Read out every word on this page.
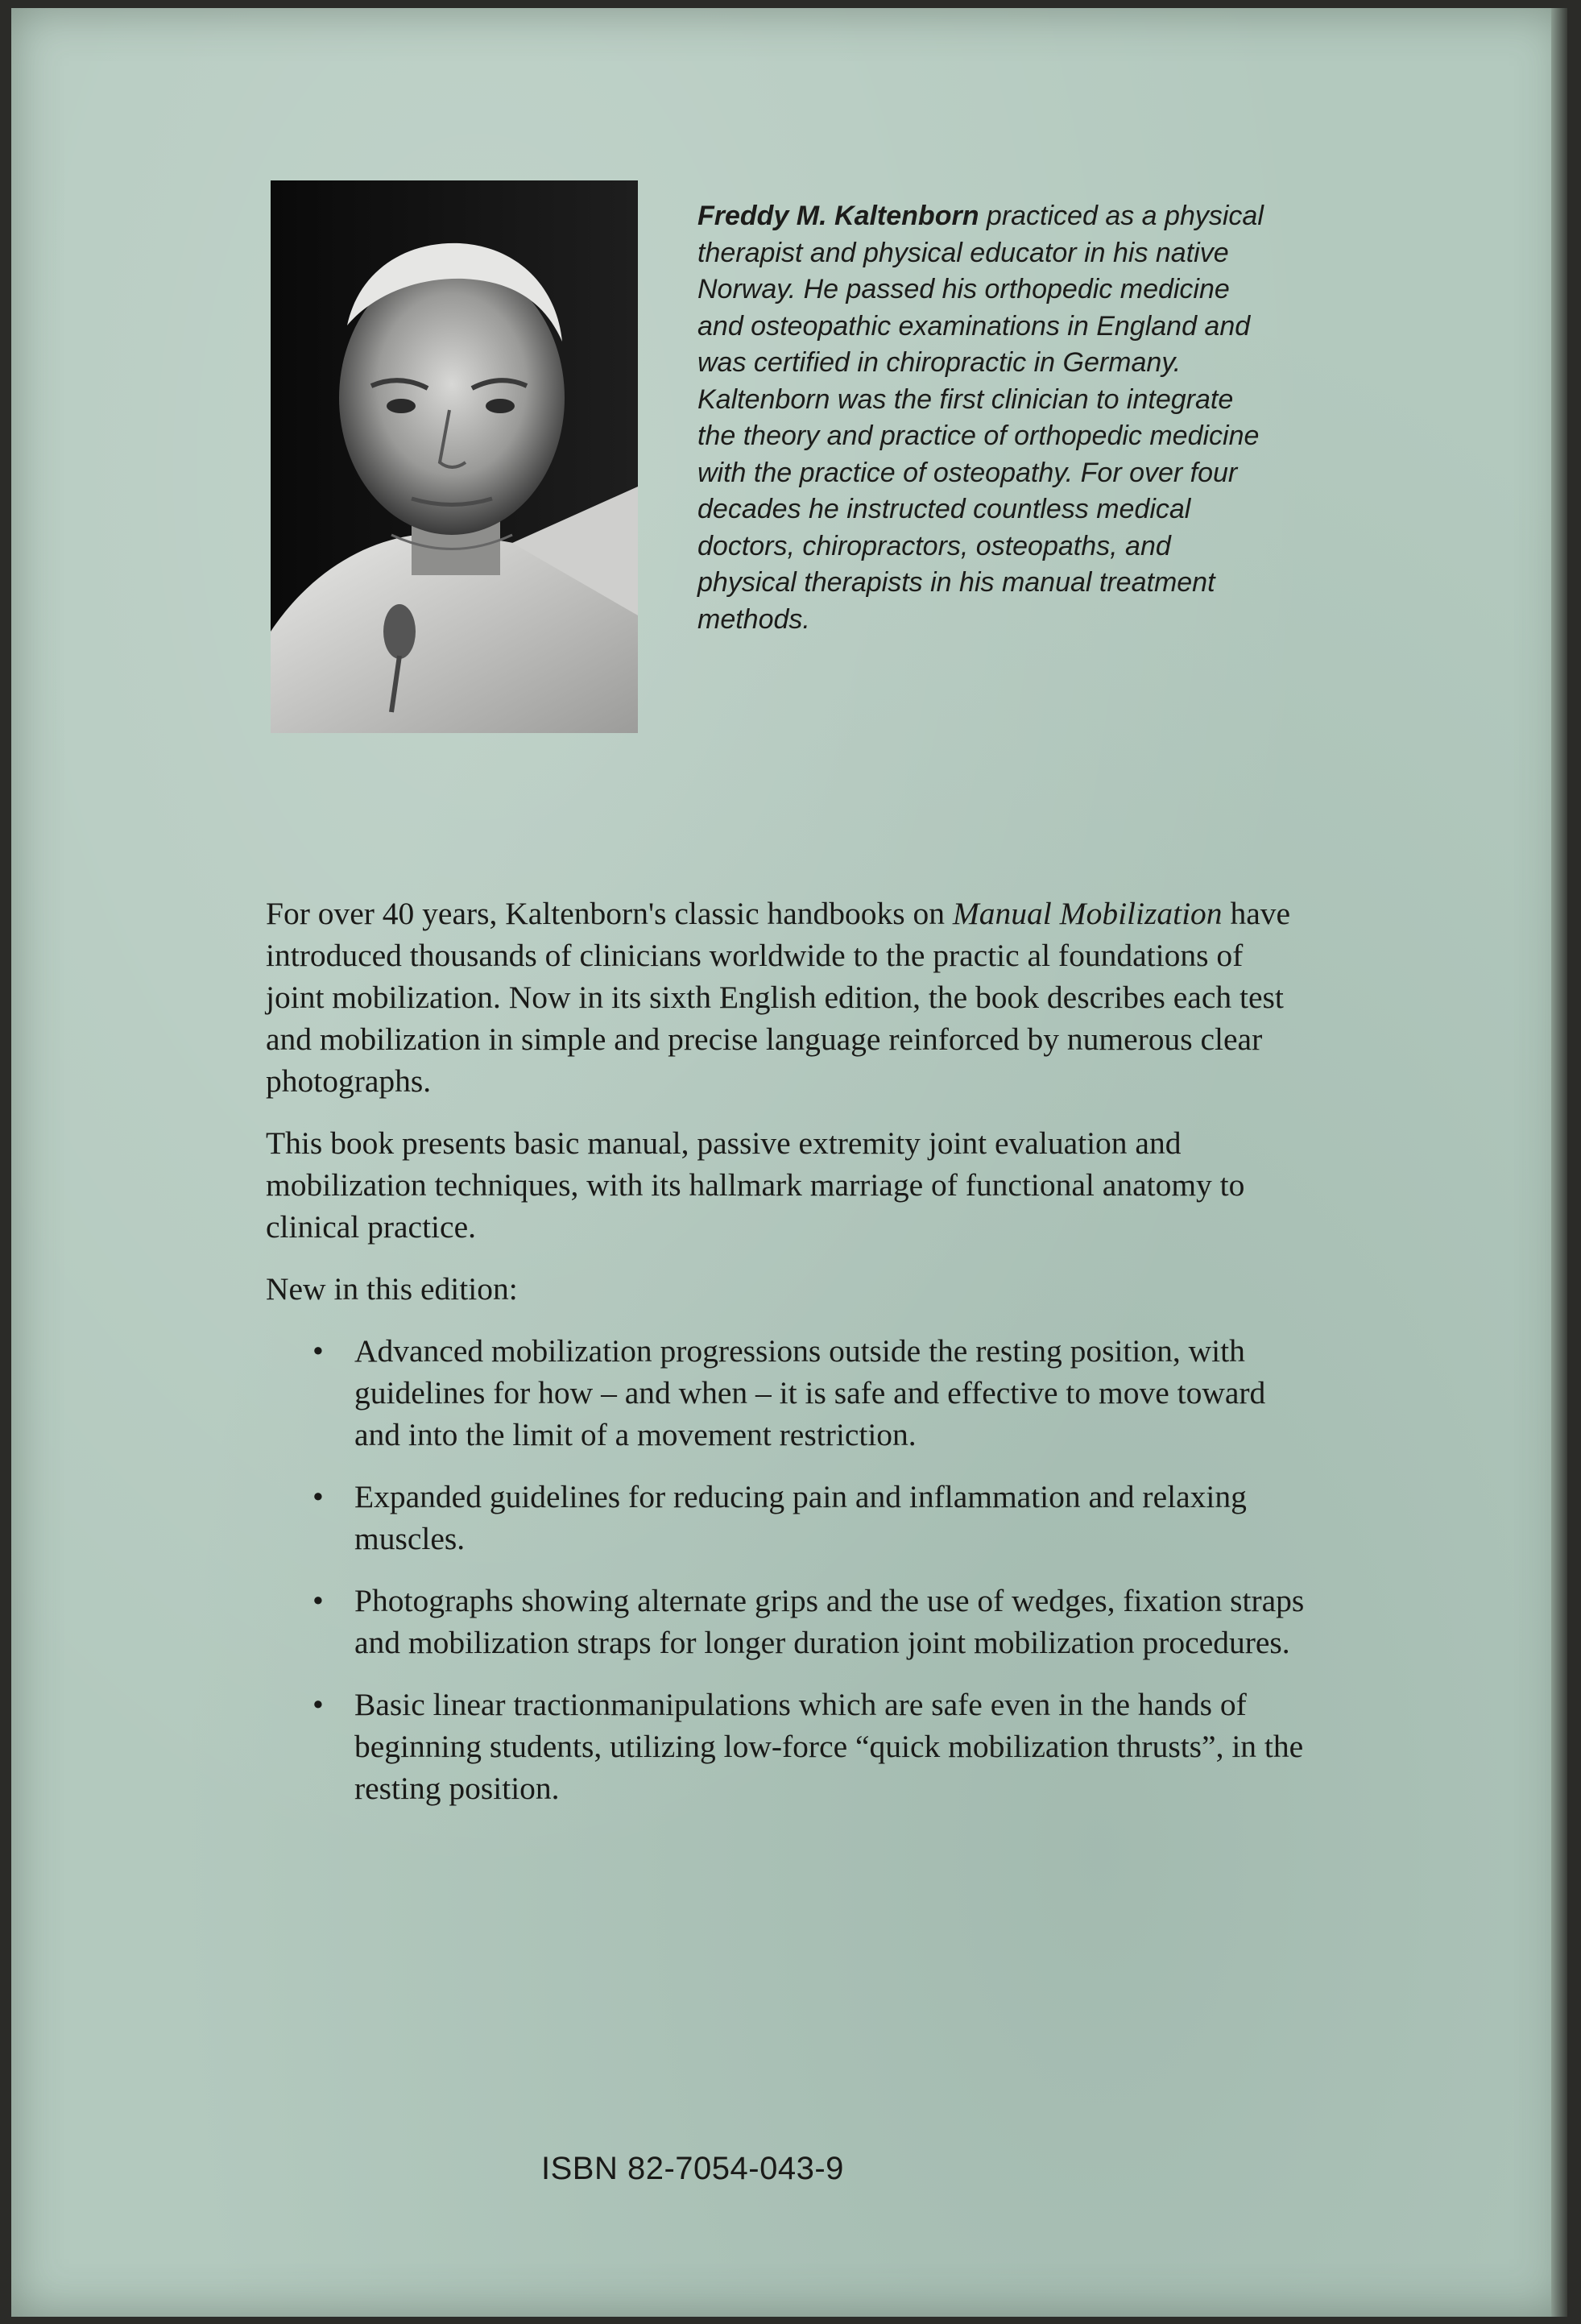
Freddy M. Kaltenborn practiced as a physical therapist and physical educator in his native Norway. He passed his orthopedic medicine and osteopathic examinations in England and was certified in chiropractic in Germany. Kaltenborn was the first clinician to integrate the theory and practice of orthopedic medicine with the practice of osteopathy. For over four decades he instructed countless medical doctors, chiropractors, osteopaths, and physical therapists in his manual treatment methods.

For over 40 years, Kaltenborn's classic handbooks on Manual Mobilization have introduced thousands of clinicians worldwide to the practic al foundations of joint mobilization. Now in its sixth English edition, the book describes each test and mobilization in simple and precise language reinforced by numerous clear photographs.

This book presents basic manual, passive extremity joint evaluation and mobilization techniques, with its hallmark marriage of functional anatomy to clinical practice.

New in this edition:

• Advanced mobilization progressions outside the resting position, with guidelines for how – and when – it is safe and effective to move toward and into the limit of a movement restriction.
• Expanded guidelines for reducing pain and inflammation and relaxing muscles.
• Photographs showing alternate grips and the use of wedges, fixation straps and mobilization straps for longer duration joint mobilization procedures.
• Basic linear tractionmanipulations which are safe even in the hands of beginning students, utilizing low-force “quick mobilization thrusts”, in the resting position.
ISBN 82-7054-043-9
